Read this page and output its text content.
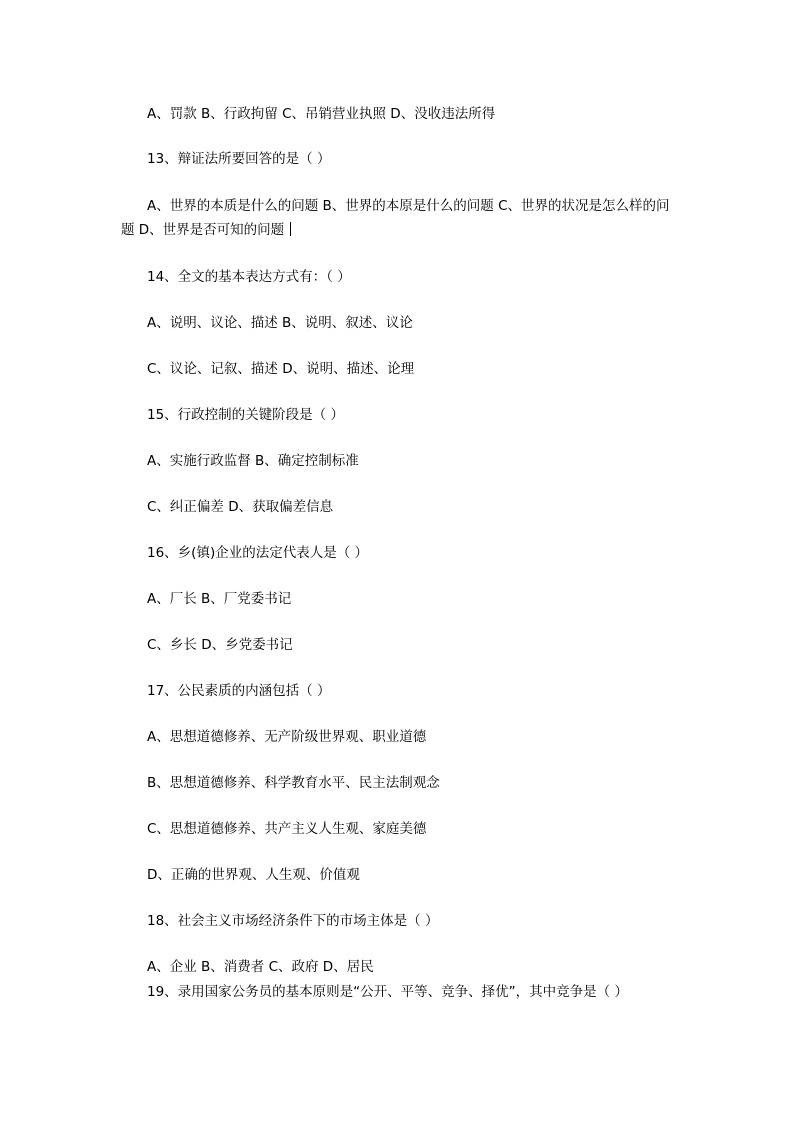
A、罚款 B、行政拘留 C、吊销营业执照 D、没收违法所得
13、辩证法所要回答的是（ ）
A、世界的本质是什么的问题 B、世界的本原是什么的问题 C、世界的状况是怎么样的问题 D、世界是否可知的问题
14、全文的基本表达方式有：（ ）
A、说明、议论、描述 B、说明、叙述、议论
C、议论、记叙、描述 D、说明、描述、论理
15、行政控制的关键阶段是（ ）
A、实施行政监督 B、确定控制标准
C、纠正偏差 D、获取偏差信息
16、乡(镇)企业的法定代表人是（ ）
A、厂长 B、厂党委书记
C、乡长 D、乡党委书记
17、公民素质的内涵包括（ ）
A、思想道德修养、无产阶级世界观、职业道德
B、思想道德修养、科学教育水平、民主法制观念
C、思想道德修养、共产主义人生观、家庭美德
D、正确的世界观、人生观、价值观
18、社会主义市场经济条件下的市场主体是（ ）
A、企业 B、消费者 C、政府 D、居民
19、录用国家公务员的基本原则是“公开、平等、竞争、择优”，其中竞争是（ ）
